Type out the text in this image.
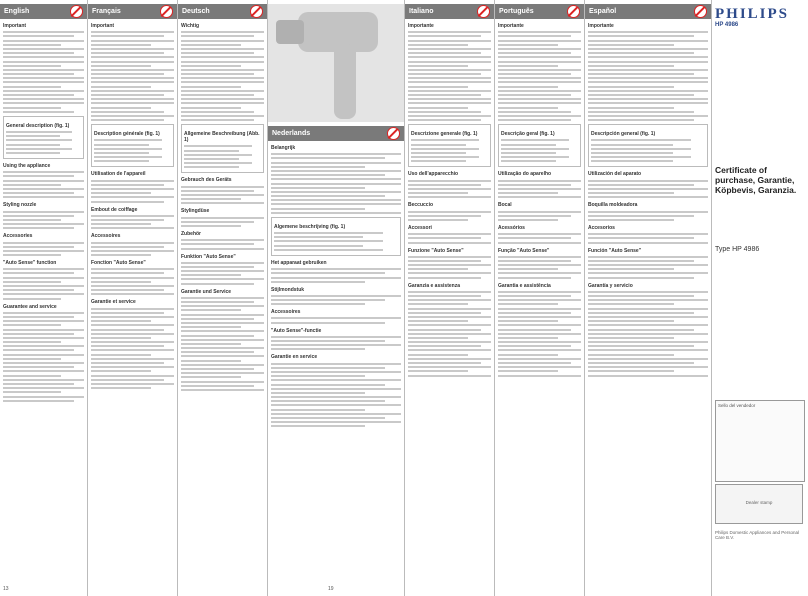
English
Important
General description (fig. 1)
Using the appliance
Styling nozzle
Accessories
"Auto Sense" function
Guarantee and service
13
Français
Important
Description générale (fig. 1)
Utilisation de l'appareil
Embout de coiffage
Accessoires
Fonction "Auto Sense"
Garantie et service
Deutsch
Wichtig
Allgemeine Beschreibung (Abb. 1)
Gebrauch des Geräts
Stylingdüse
Zubehör
Funktion "Auto Sense"
Garantie und Service
Nederlands
Belangrijk
Algemene beschrijving (fig. 1)
Het apparaat gebruiken
Stijlmondstuk
Accessoires
"Auto Sense"-functie
Garantie en service
19
Italiano
Importante
Descrizione generale (fig. 1)
Uso dell'apparecchio
Beccuccio
Accessori
Funzione "Auto Sense"
Garanzia e assistenza
Português
Importante
Descrição geral (fig. 1)
Utilização do aparelho
Bocal
Acessórios
Função "Auto Sense"
Garantia e assistência
Español
Importante
Descripción general (fig. 1)
Utilización del aparato
Boquilla moldeadora
Accesorios
Función "Auto Sense"
Garantía y servicio
PHILIPS
HP 4986
Certificate of purchase, Garantie, Köpbevis, Garanzia.
Type HP 4986
Sello del vendedor
Dealer stamp
Philips Domestic Appliances and Personal Care B.V.
